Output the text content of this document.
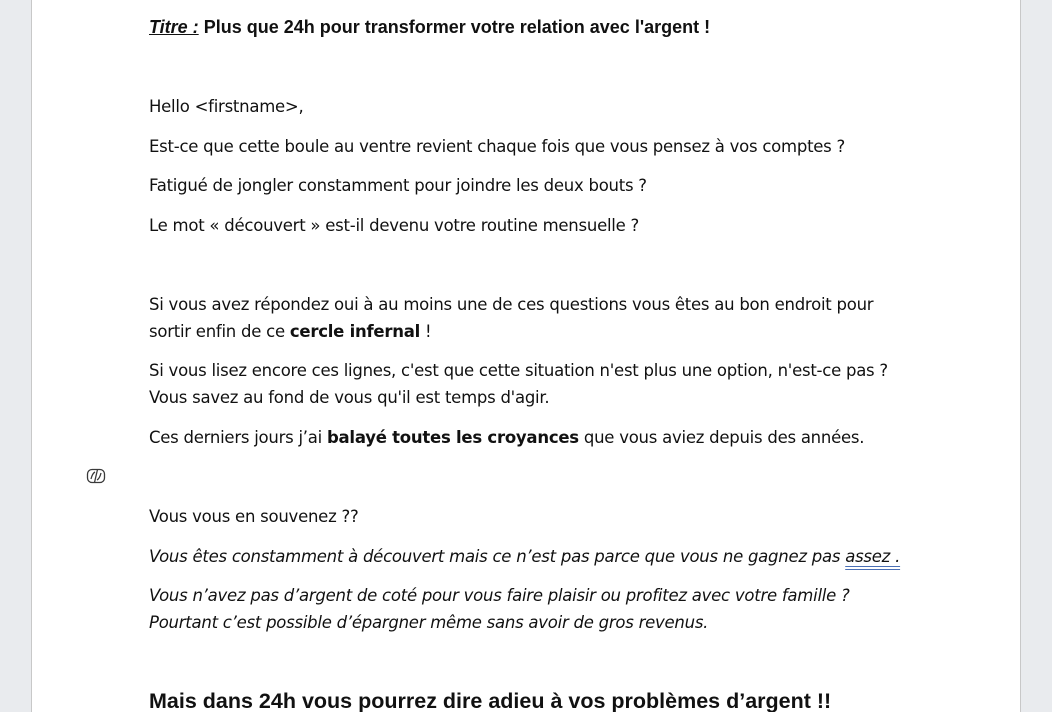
Titre : Plus que 24h pour transformer votre relation avec l'argent !
Hello <firstname>,
Est-ce que cette boule au ventre revient chaque fois que vous pensez à vos comptes ?
Fatigué de jongler constamment pour joindre les deux bouts ?
Le mot « découvert » est-il devenu votre routine mensuelle ?
Si vous avez répondez oui à au moins une de ces questions vous êtes au bon endroit pour
sortir enfin de ce cercle infernal !
Si vous lisez encore ces lignes, c'est que cette situation n'est plus une option, n'est-ce pas ?
Vous savez au fond de vous qu'il est temps d'agir.
Ces derniers jours j’ai balayé toutes les croyances que vous aviez depuis des années.
Vous vous en souvenez ??
Vous êtes constamment à découvert mais ce n’est pas parce que vous ne gagnez pas assez .
Vous n’avez pas d’argent de coté pour vous faire plaisir ou profitez avec votre famille ?
Pourtant c’est possible d’épargner même sans avoir de gros revenus.
Mais dans 24h vous pourrez dire adieu à vos problèmes d’argent !!
